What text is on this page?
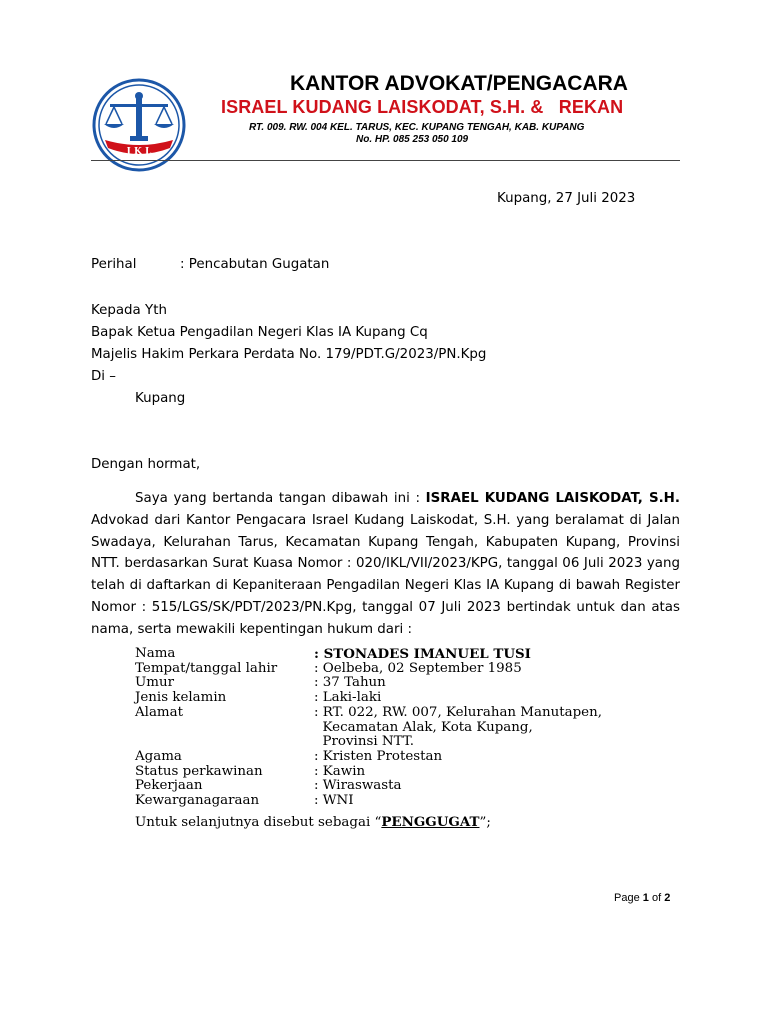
I K L
KANTOR ADVOKAT/PENGACARA
ISRAEL KUDANG LAISKODAT, S.H. &   REKAN
RT. 009. RW. 004 KEL. TARUS, KEC. KUPANG TENGAH, KAB. KUPANG
No. HP. 085 253 050 109
Kupang, 27 Juli 2023
Perihal	: Pencabutan Gugatan
Kepada Yth
Bapak Ketua Pengadilan Negeri Klas IA Kupang Cq
Majelis Hakim Perkara Perdata No. 179/PDT.G/2023/PN.Kpg
Di –
Kupang
Dengan hormat,
Saya yang bertanda tangan dibawah ini : ISRAEL KUDANG LAISKODAT, S.H. Advokad dari Kantor Pengacara Israel Kudang Laiskodat, S.H. yang beralamat di Jalan Swadaya, Kelurahan Tarus, Kecamatan Kupang Tengah, Kabupaten Kupang, Provinsi NTT. berdasarkan Surat Kuasa Nomor : 020/IKL/VII/2023/KPG, tanggal 06 Juli 2023 yang telah di daftarkan di Kepaniteraan Pengadilan Negeri Klas IA Kupang di bawah Register Nomor : 515/LGS/SK/PDT/2023/PN.Kpg, tanggal 07 Juli 2023 bertindak untuk dan atas nama, serta mewakili kepentingan hukum dari :
Nama	: STONADES IMANUEL TUSI
Tempat/tanggal lahir	: Oelbeba, 02 September 1985
Umur	: 37 Tahun
Jenis kelamin	: Laki-laki
Alamat	: RT. 022, RW. 007, Kelurahan Manutapen,
Kecamatan Alak, Kota Kupang,
Provinsi NTT.
Agama	: Kristen Protestan
Status perkawinan	: Kawin
Pekerjaan	: Wiraswasta
Kewarganagaraan	: WNI
Untuk selanjutnya disebut sebagai “PENGGUGAT”;
Page 1 of 2
